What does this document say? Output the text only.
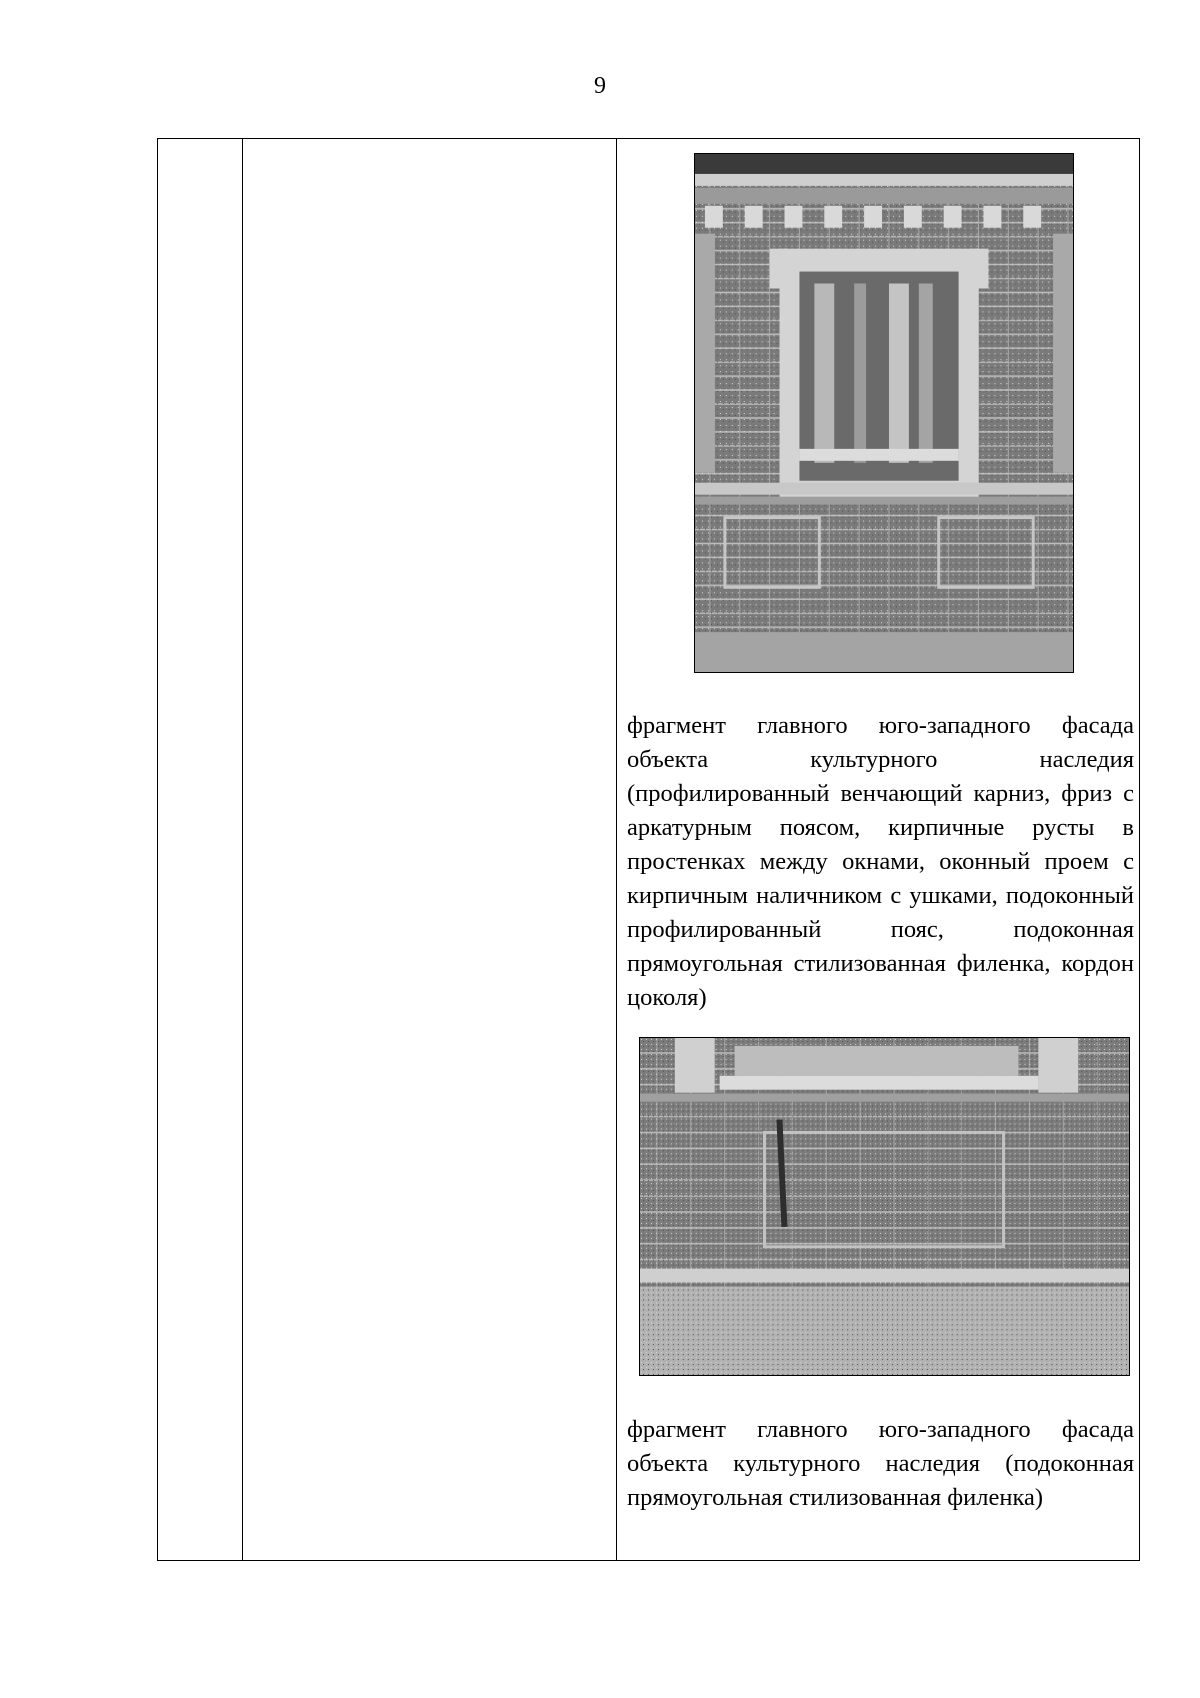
9
фрагмент главного юго-западного фасада объекта культурного наследия (профилированный венчающий карниз, фриз с аркатурным поясом, кирпичные русты в простенках между окнами, оконный проем с кирпичным наличником с ушками, подоконный профилированный пояс, подоконная прямоугольная стилизованная филенка, кордон цоколя)
фрагмент главного юго-западного фасада объекта культурного наследия (подоконная прямоугольная стилизованная филенка)
